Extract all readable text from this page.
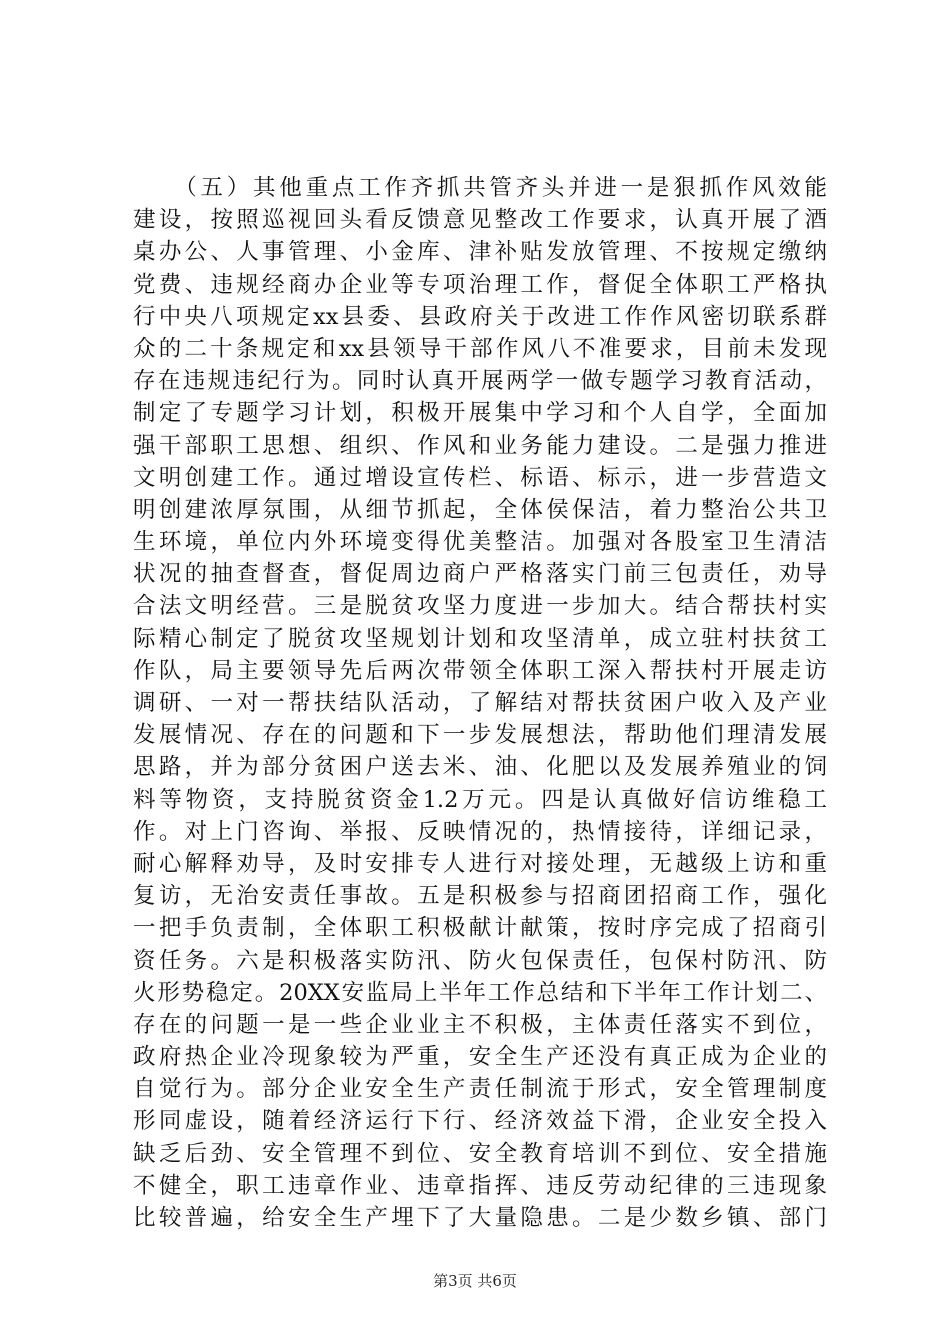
　　（五）其他重点工作齐抓共管齐头并进一是狠抓作风效能
建设，按照巡视回头看反馈意见整改工作要求，认真开展了酒
桌办公、人事管理、小金库、津补贴发放管理、不按规定缴纳
党费、违规经商办企业等专项治理工作，督促全体职工严格执
行中央八项规定xx县委、县政府关于改进工作作风密切联系群
众的二十条规定和xx县领导干部作风八不准要求，目前未发现
存在违规违纪行为。同时认真开展两学一做专题学习教育活动，
制定了专题学习计划，积极开展集中学习和个人自学，全面加
强干部职工思想、组织、作风和业务能力建设。二是强力推进
文明创建工作。通过增设宣传栏、标语、标示，进一步营造文
明创建浓厚氛围，从细节抓起，全体侯保洁，着力整治公共卫
生环境，单位内外环境变得优美整洁。加强对各股室卫生清洁
状况的抽查督查，督促周边商户严格落实门前三包责任，劝导
合法文明经营。三是脱贫攻坚力度进一步加大。结合帮扶村实
际精心制定了脱贫攻坚规划计划和攻坚清单，成立驻村扶贫工
作队，局主要领导先后两次带领全体职工深入帮扶村开展走访
调研、一对一帮扶结队活动，了解结对帮扶贫困户收入及产业
发展情况、存在的问题和下一步发展想法，帮助他们理清发展
思路，并为部分贫困户送去米、油、化肥以及发展养殖业的饲
料等物资，支持脱贫资金1.2万元。四是认真做好信访维稳工
作。对上门咨询、举报、反映情况的，热情接待，详细记录，
耐心解释劝导，及时安排专人进行对接处理，无越级上访和重
复访，无治安责任事故。五是积极参与招商团招商工作，强化
一把手负责制，全体职工积极献计献策，按时序完成了招商引
资任务。六是积极落实防汛、防火包保责任，包保村防汛、防
火形势稳定。20XX安监局上半年工作总结和下半年工作计划二、
存在的问题一是一些企业业主不积极，主体责任落实不到位，
政府热企业冷现象较为严重，安全生产还没有真正成为企业的
自觉行为。部分企业安全生产责任制流于形式，安全管理制度
形同虚设，随着经济运行下行、经济效益下滑，企业安全投入
缺乏后劲、安全管理不到位、安全教育培训不到位、安全措施
不健全，职工违章作业、违章指挥、违反劳动纪律的三违现象
比较普遍，给安全生产埋下了大量隐患。二是少数乡镇、部门
第3页 共6页
